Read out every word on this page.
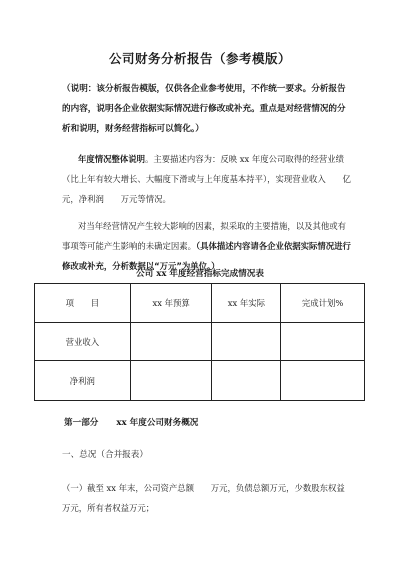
公司财务分析报告（参考模版）
（说明：该分析报告模版，仅供各企业参考使用，不作统一要求。分析报告的内容，说明各企业依据实际情况进行修改或补充。重点是对经营情况的分析和说明，财务经营指标可以简化。）
年度情况整体说明。主要描述内容为：反映 xx 年度公司取得的经营业绩（比上年有较大增长、大幅度下滑或与上年度基本持平），实现营业收入　　亿元，净利润　　万元等情况。
对当年经营情况产生较大影响的因素，拟采取的主要措施，以及其他或有事项等可能产生影响的未确定因素。（具体描述内容请各企业依据实际情况进行修改或补充，分析数据以“万元”为单位。）
公司 xx 年度经营指标完成情况表
项　　目	xx 年预算	xx 年实际	完成计划%
营业收入			
净利润			
第一部分 xx 年度公司财务概况
一、总况（合并报表）
（一）截至 xx 年末，公司资产总额　　万元，负债总额万元，少数股东权益　　万元，所有者权益万元；
